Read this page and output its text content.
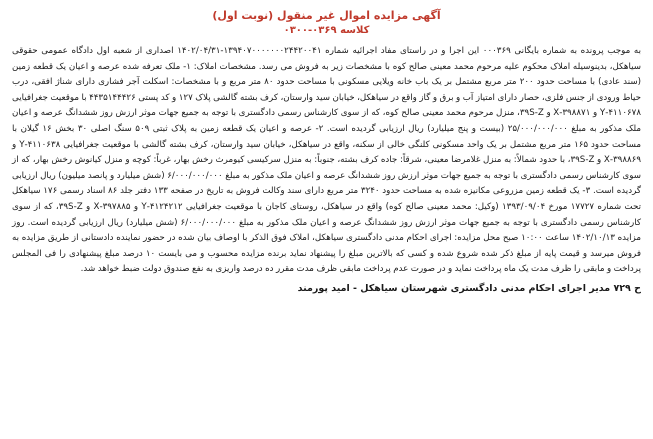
آگهی مزایده اموال غیر منقول (نوبت اول)
کلاسه ۰۳۶۹-۰۳۰۰

به موجب پرونده به شماره بایگانی ۰۰۰۳۶۹ این اجرا و در راستای مفاد اجرائیه شماره ۱۳۹۴۰۷۰۰۰۰۰۰۰۲۴۴۲۰۰۴۱-۱۴۰۲/۰۴/۳۱ اصداری از شعبه اول دادگاه عمومی حقوقی سیاهکل، بدینوسیله املاک محکوم علیه مرحوم محمد معینی صالح کوه با مشخصات زیر به فروش می رسد. مشخصات املاک: ۱- ملک تعرفه شده عرصه و اعیان یک قطعه زمین (سند عادی) با مساحت حدود ۲۰۰ متر مربع مشتمل بر یک باب خانه ویلایی مسکونی با مساحت حدود ۸۰ متر مربع و با مشخصات: اسکلت آجر فشاری دارای شناژ افقی، درب حیاط ورودی از جنس فلزی، حصار دارای امتیاز آب و برق و گاز واقع در سیاهکل، خیابان سید وارستان، کرف بشته گالشی پلاک ۱۲۷ و کد پستی ۴۴۳۵۱۴۴۴۲۶ با موقعیت جغرافیایی ۴۱۱۰۶۷۸-Y و ۳۹۸۸۷۱-X و ۳۹S-Z، منزل مرحوم محمد معینی صالح کوه، که از سوی کارشناس رسمی دادگستری با توجه به جمیع جهات موثر ارزش روز ششدانگ عرصه و اعیان ملک مذکور به مبلغ ۲۵/۰۰۰/۰۰۰/۰۰۰ (بیست و پنج میلیارد) ریال ارزیابی گردیده است. ۲- عرصه و اعیان یک قطعه زمین به پلاک ثبتی ۵۰۹ سنگ اصلی ۳۰ بخش ۱۶ گیلان با مساحت حدود ۱۶۵ متر مربع مشتمل بر یک واحد مسکونی کلنگی خالی از سکنه، واقع در سیاهکل، خیابان سید وارستان، کرف بشته گالشی با موقعیت جغرافیایی ۴۱۱۰۶۳۸-Y و ۳۹۸۸۶۹-X و ۳۹S-Z، با حدود شمالاً: به منزل غلامرضا معینی، شرقاً: جاده کرف بشته، جنوباً: به منزل سرکیسی کیومرث رخش بهار، غرباً: کوچه و منزل کیانوش رخش بهار، که از سوی کارشناس رسمی دادگستری با توجه به جمیع جهات موثر ارزش روز ششدانگ عرصه و اعیان ملک مذکور به مبلغ ۶/۰۰۰/۰۰۰/۰۰۰ (شش میلیارد و پانصد میلیون) ریال ارزیابی گردیده است. ۳- یک قطعه زمین مزروعی مکانیزه شده به مساحت حدود ۳۲۴۰ متر مربع دارای سند وکالت فروش به تاریخ در صفحه ۱۳۳ دفتر جلد ۸۶ اسناد رسمی ۱۷۶ سیاهکل تحت شماره ۱۷۷۲۷ مورخ ۱۳۹۳/۰۹/۰۴ (وکیل: محمد معینی صالح کوه) واقع در سیاهکل، روستای کاجان با موقعیت جغرافیایی ۴۱۲۴۲۱۲-Y و ۳۹۷۸۸۵-X و ۳۹S-Z، که از سوی کارشناس رسمی دادگستری با توجه به جمیع جهات موثر ارزش روز ششدانگ عرصه و اعیان ملک مذکور به مبلغ ۶/۰۰۰/۰۰۰/۰۰۰ (شش میلیارد) ریال ارزیابی گردیده است. روز مزایده ۱۴۰۲/۱۰/۱۳ ساعت ۱۰:۰۰ صبح محل مزایده: اجرای احکام مدنی دادگستری سیاهکل، املاک فوق الذکر با اوصاف بیان شده در حضور نماینده دادستانی از طریق مزایده به فروش میرسد و قیمت پایه از مبلغ ذکر شده شروع شده و کسی که بالاترین مبلغ را پیشنهاد نماید برنده مزایده محسوب و می بایست ۱۰ درصد مبلغ پیشنهادی را فی المجلس پرداخت و مابقی را ظرف مدت یک ماه پرداخت نماید و در صورت عدم پرداخت مابقی ظرف مدت مقرر ده درصد واریزی به نفع صندوق دولت ضبط خواهد شد.

ح ۷۲۹ مدیر اجرای احکام مدنی دادگستری شهرستان سیاهکل - امید پورمند
